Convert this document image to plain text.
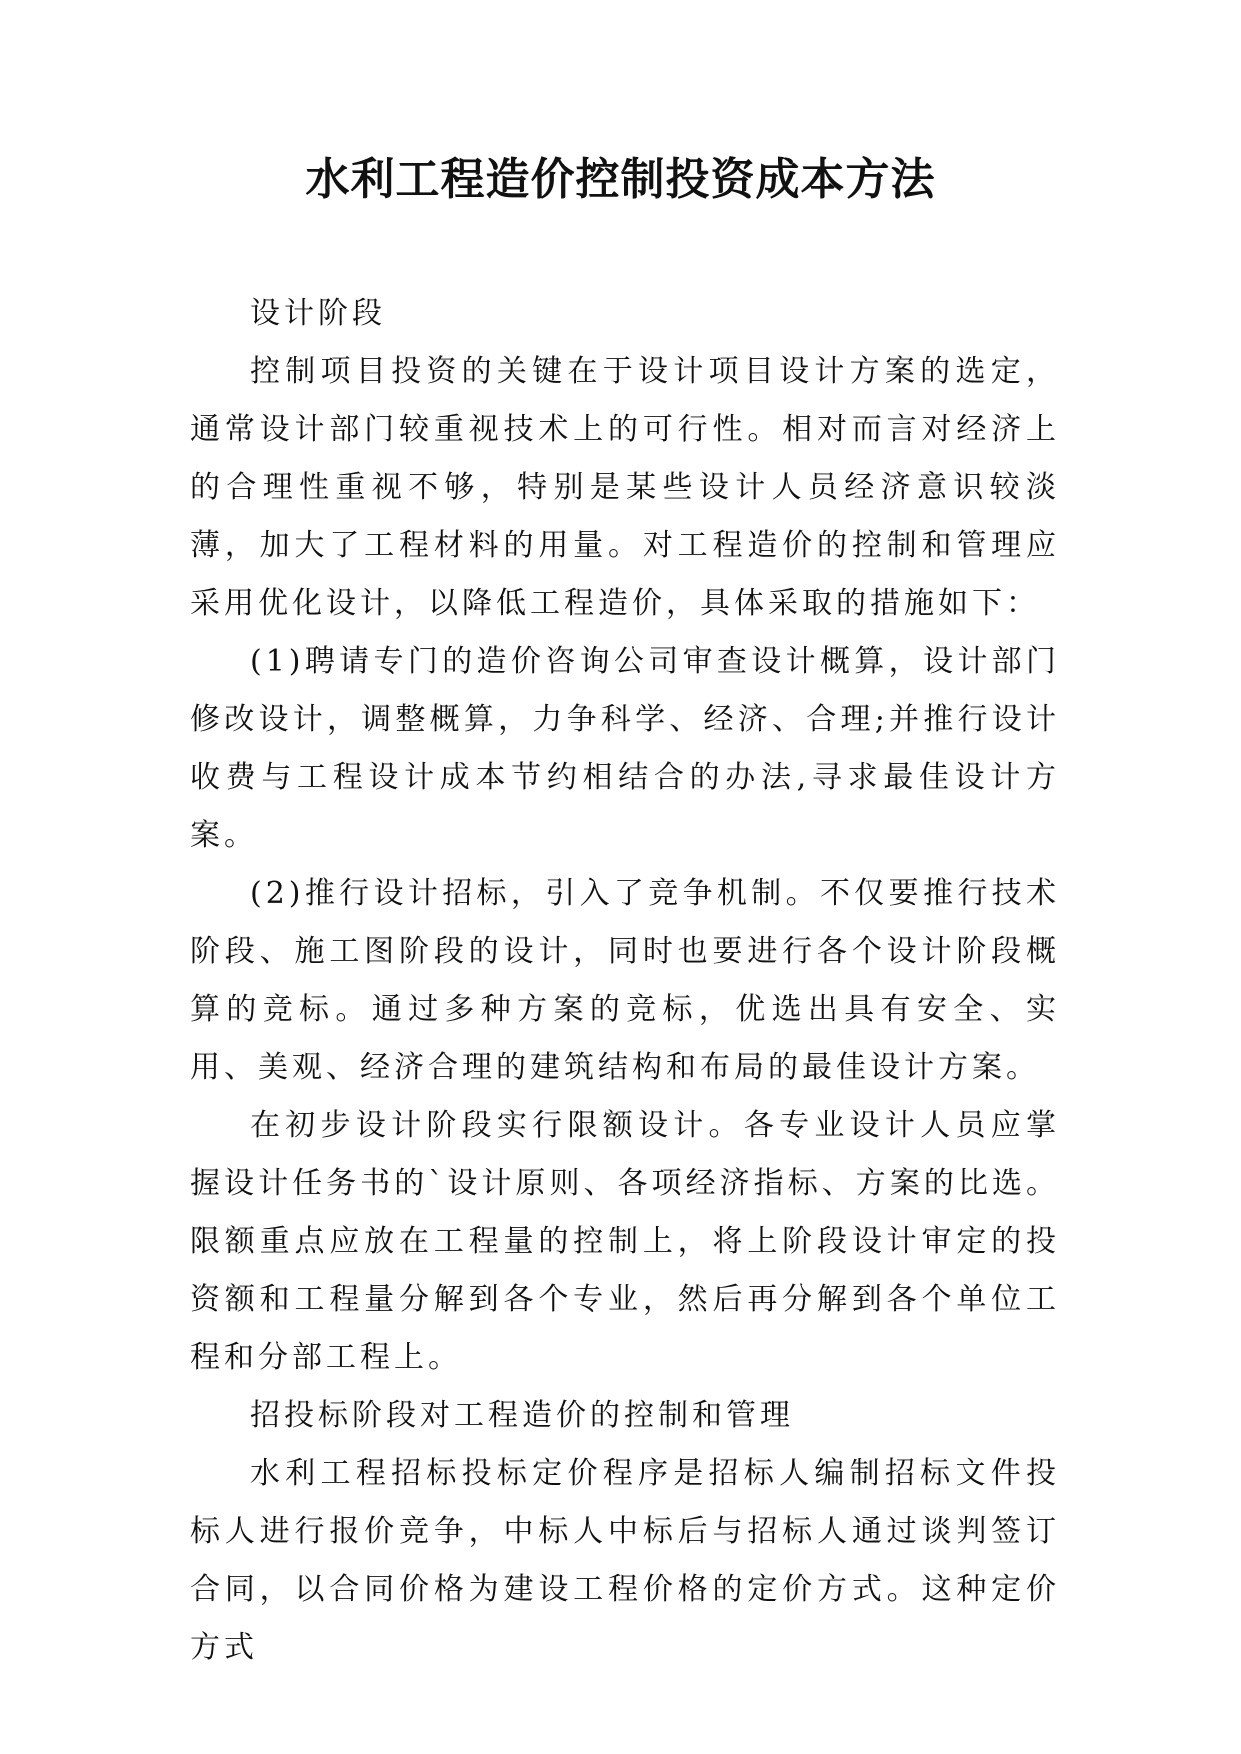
水利工程造价控制投资成本方法

设计阶段

控制项目投资的关键在于设计项目设计方案的选定，通常设计部门较重视技术上的可行性。相对而言对经济上的合理性重视不够，特别是某些设计人员经济意识较淡薄，加大了工程材料的用量。对工程造价的控制和管理应采用优化设计，以降低工程造价，具体采取的措施如下：

(1)聘请专门的造价咨询公司审查设计概算，设计部门修改设计，调整概算，力争科学、经济、合理;并推行设计收费与工程设计成本节约相结合的办法,寻求最佳设计方案。

(2)推行设计招标，引入了竞争机制。不仅要推行技术阶段、施工图阶段的设计，同时也要进行各个设计阶段概算的竞标。通过多种方案的竞标，优选出具有安全、实用、美观、经济合理的建筑结构和布局的最佳设计方案。

在初步设计阶段实行限额设计。各专业设计人员应掌握设计任务书的`设计原则、各项经济指标、方案的比选。限额重点应放在工程量的控制上，将上阶段设计审定的投资额和工程量分解到各个专业，然后再分解到各个单位工程和分部工程上。

招投标阶段对工程造价的控制和管理

水利工程招标投标定价程序是招标人编制招标文件投标人进行报价竞争，中标人中标后与招标人通过谈判签订合同，以合同价格为建设工程价格的定价方式。这种定价方式
